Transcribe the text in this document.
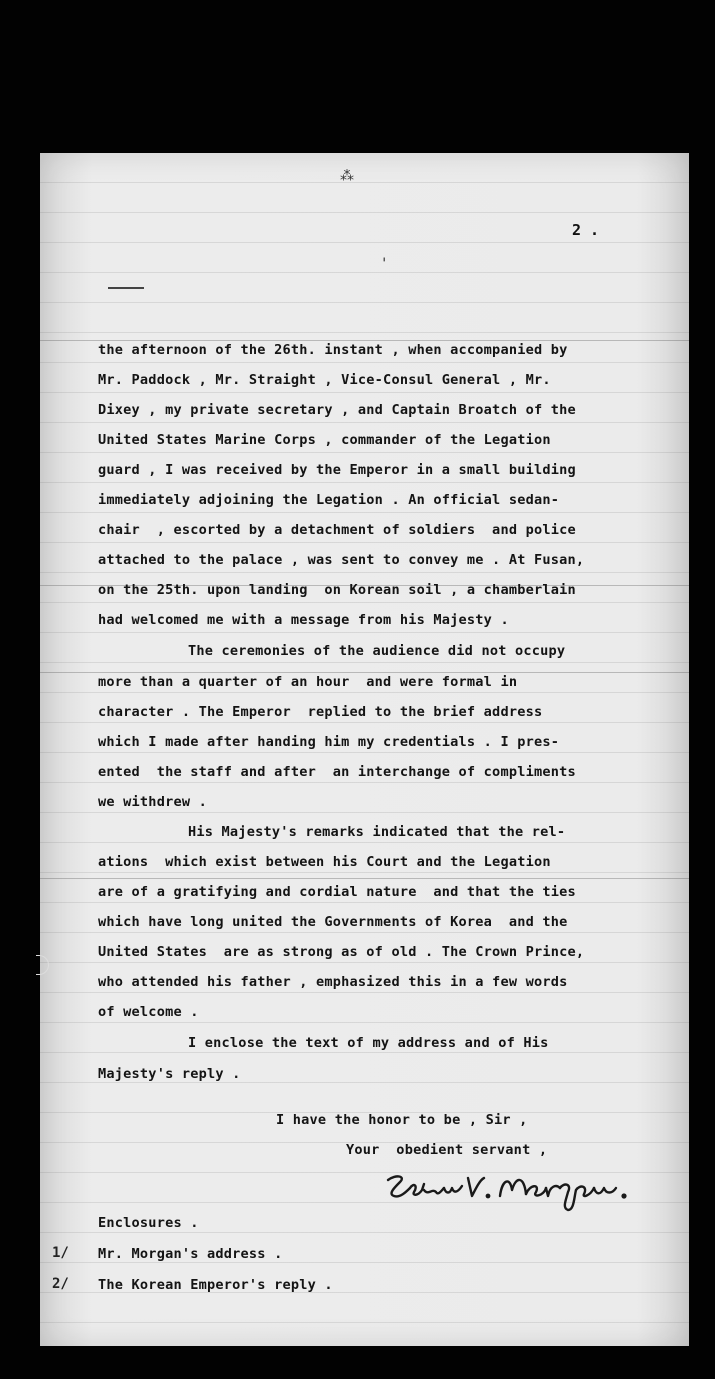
⁂
'
2 .
the afternoon of the 26th. instant , when accompanied by
Mr. Paddock , Mr. Straight , Vice-Consul General , Mr.
Dixey , my private secretary , and Captain Broatch of the
United States Marine Corps , commander of the Legation
guard , I was received by the Emperor in a small building
immediately adjoining the Legation . An official sedan-
chair  , escorted by a detachment of soldiers  and police
attached to the palace , was sent to convey me . At Fusan,
on the 25th. upon landing  on Korean soil , a chamberlain
had welcomed me with a message from his Majesty .
The ceremonies of the audience did not occupy
more than a quarter of an hour  and were formal in
character . The Emperor  replied to the brief address
which I made after handing him my credentials . I pres-
ented  the staff and after  an interchange of compliments
we withdrew .
His Majesty's remarks indicated that the rel-
ations  which exist between his Court and the Legation
are of a gratifying and cordial nature  and that the ties
which have long united the Governments of Korea  and the
United States  are as strong as of old . The Crown Prince,
who attended his father , emphasized this in a few words
of welcome .
I enclose the text of my address and of His
Majesty's reply .
I have the honor to be , Sir ,
Your  obedient servant ,
Enclosures .
1/ Mr. Morgan's address .
2/ The Korean Emperor's reply .
